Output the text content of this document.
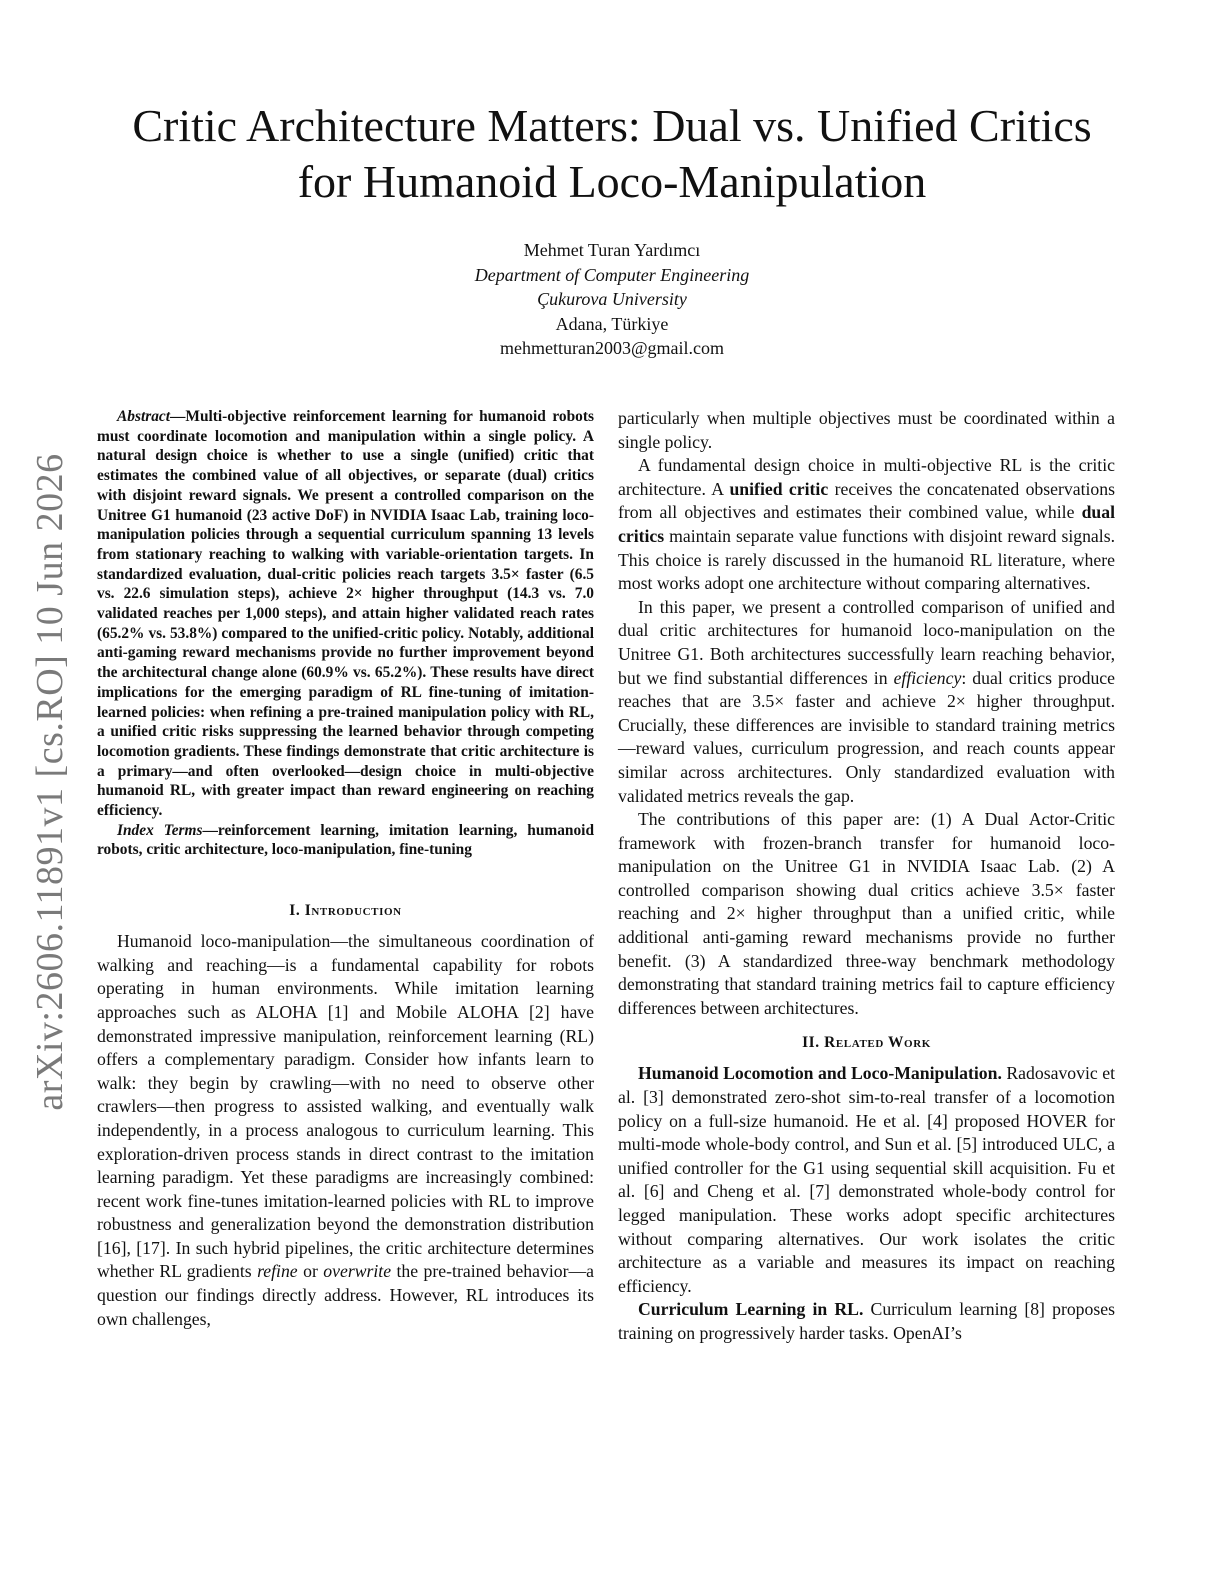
arXiv:2606.11891v1 [cs.RO] 10 Jun 2026
Critic Architecture Matters: Dual vs. Unified Critics
for Humanoid Loco-Manipulation
Mehmet Turan Yardımcı
Department of Computer Engineering
Çukurova University
Adana, Türkiye
mehmetturan2003@gmail.com

Abstract—Multi-objective reinforcement learning for humanoid robots must coordinate locomotion and manipulation within a single policy. A natural design choice is whether to use a single (unified) critic that estimates the combined value of all objectives, or separate (dual) critics with disjoint reward signals. We present a controlled comparison on the Unitree G1 humanoid (23 active DoF) in NVIDIA Isaac Lab, training loco-manipulation policies through a sequential curriculum spanning 13 levels from stationary reaching to walking with variable-orientation targets. In standardized evaluation, dual-critic policies reach targets 3.5× faster (6.5 vs. 22.6 simulation steps), achieve 2× higher throughput (14.3 vs. 7.0 validated reaches per 1,000 steps), and attain higher validated reach rates (65.2% vs. 53.8%) compared to the unified-critic policy. Notably, additional anti-gaming reward mechanisms provide no further improvement beyond the architectural change alone (60.9% vs. 65.2%). These results have direct implications for the emerging paradigm of RL fine-tuning of imitation-learned policies: when refining a pre-trained manipulation policy with RL, a unified critic risks suppressing the learned behavior through competing locomotion gradients. These findings demonstrate that critic architecture is a primary—and often overlooked—design choice in multi-objective humanoid RL, with greater impact than reward engineering on reaching efficiency.

Index Terms—reinforcement learning, imitation learning, humanoid robots, critic architecture, loco-manipulation, fine-tuning

I. Introduction

Humanoid loco-manipulation—the simultaneous coordination of walking and reaching—is a fundamental capability for robots operating in human environments. While imitation learning approaches such as ALOHA [1] and Mobile ALOHA [2] have demonstrated impressive manipulation, reinforcement learning (RL) offers a complementary paradigm. Consider how infants learn to walk: they begin by crawling—with no need to observe other crawlers—then progress to assisted walking, and eventually walk independently, in a process analogous to curriculum learning. This exploration-driven process stands in direct contrast to the imitation learning paradigm. Yet these paradigms are increasingly combined: recent work fine-tunes imitation-learned policies with RL to improve robustness and generalization beyond the demonstration distribution [16], [17]. In such hybrid pipelines, the critic architecture determines whether RL gradients refine or overwrite the pre-trained behavior—a question our findings directly address. However, RL introduces its own challenges,

particularly when multiple objectives must be coordinated within a single policy.

A fundamental design choice in multi-objective RL is the critic architecture. A unified critic receives the concatenated observations from all objectives and estimates their combined value, while dual critics maintain separate value functions with disjoint reward signals. This choice is rarely discussed in the humanoid RL literature, where most works adopt one architecture without comparing alternatives.

In this paper, we present a controlled comparison of unified and dual critic architectures for humanoid loco-manipulation on the Unitree G1. Both architectures successfully learn reaching behavior, but we find substantial differences in efficiency: dual critics produce reaches that are 3.5× faster and achieve 2× higher throughput. Crucially, these differences are invisible to standard training metrics—reward values, curriculum progression, and reach counts appear similar across architectures. Only standardized evaluation with validated metrics reveals the gap.

The contributions of this paper are: (1) A Dual Actor-Critic framework with frozen-branch transfer for humanoid loco-manipulation on the Unitree G1 in NVIDIA Isaac Lab. (2) A controlled comparison showing dual critics achieve 3.5× faster reaching and 2× higher throughput than a unified critic, while additional anti-gaming reward mechanisms provide no further benefit. (3) A standardized three-way benchmark methodology demonstrating that standard training metrics fail to capture efficiency differences between architectures.

II. Related Work

Humanoid Locomotion and Loco-Manipulation. Radosavovic et al. [3] demonstrated zero-shot sim-to-real transfer of a locomotion policy on a full-size humanoid. He et al. [4] proposed HOVER for multi-mode whole-body control, and Sun et al. [5] introduced ULC, a unified controller for the G1 using sequential skill acquisition. Fu et al. [6] and Cheng et al. [7] demonstrated whole-body control for legged manipulation. These works adopt specific architectures without comparing alternatives. Our work isolates the critic architecture as a variable and measures its impact on reaching efficiency.

Curriculum Learning in RL. Curriculum learning [8] proposes training on progressively harder tasks. OpenAI’s
